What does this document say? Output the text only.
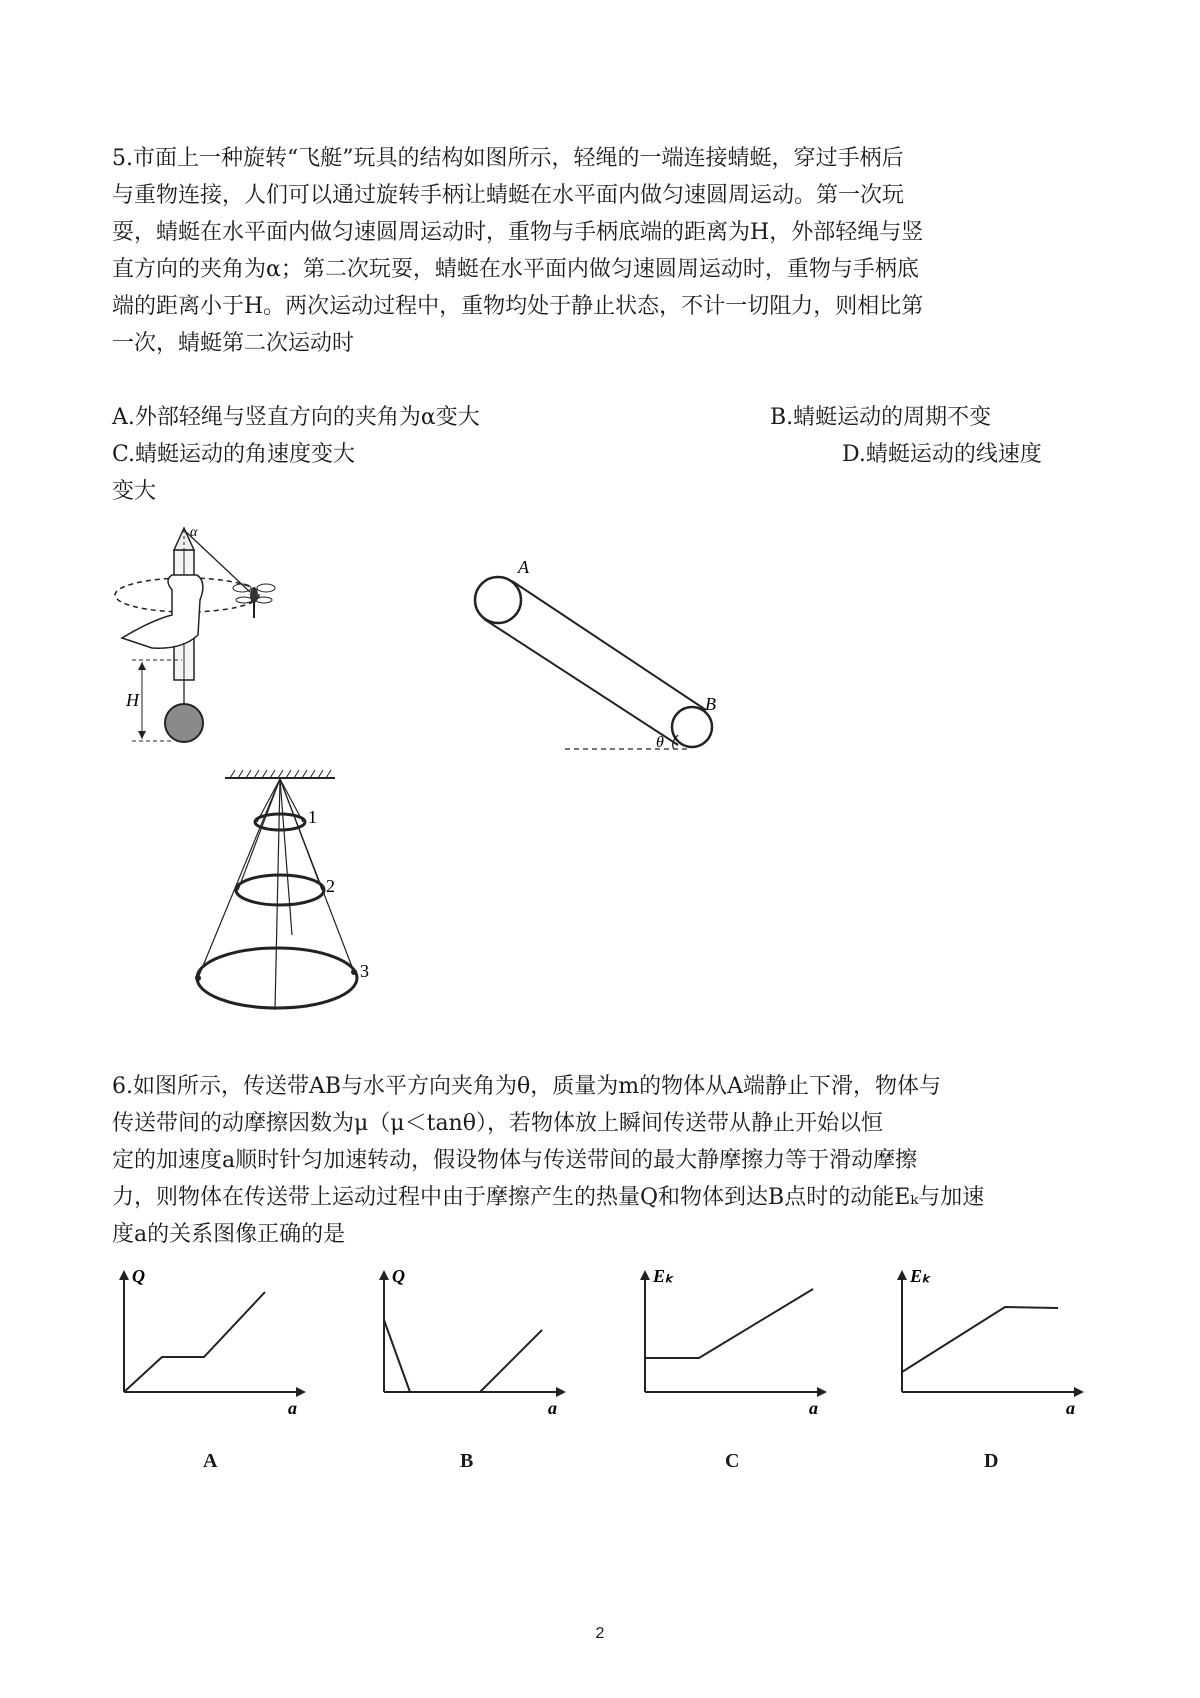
5.市面上一种旋转“飞艇”玩具的结构如图所示，轻绳的一端连接蜻蜓，穿过手柄后

与重物连接，人们可以通过旋转手柄让蜻蜓在水平面内做匀速圆周运动。第一次玩

耍，蜻蜓在水平面内做匀速圆周运动时，重物与手柄底端的距离为H，外部轻绳与竖

直方向的夹角为α；第二次玩耍，蜻蜓在水平面内做匀速圆周运动时，重物与手柄底

端的距离小于H。两次运动过程中，重物均处于静止状态，不计一切阻力，则相比第

一次，蜻蜓第二次运动时

A.外部轻绳与竖直方向的夹角为α变大	B.蜻蜓运动的周期不变
C.蜻蜓运动的角速度变大	D.蜻蜓运动的线速度
变大
α
H
A
B
θ
1
2
3

6.如图所示，传送带AB与水平方向夹角为θ，质量为m的物体从A端静止下滑，物体与

传送带间的动摩擦因数为μ（μ＜tanθ），若物体放上瞬间传送带从静止开始以恒

定的加速度a顺时针匀加速转动，假设物体与传送带间的最大静摩擦力等于滑动摩擦

力，则物体在传送带上运动过程中由于摩擦产生的热量Q和物体到达B点时的动能Eₖ与加速

度a的关系图像正确的是

Q
a
A
Q
a
B
Eₖ
a
C
Eₖ
a
D
2
